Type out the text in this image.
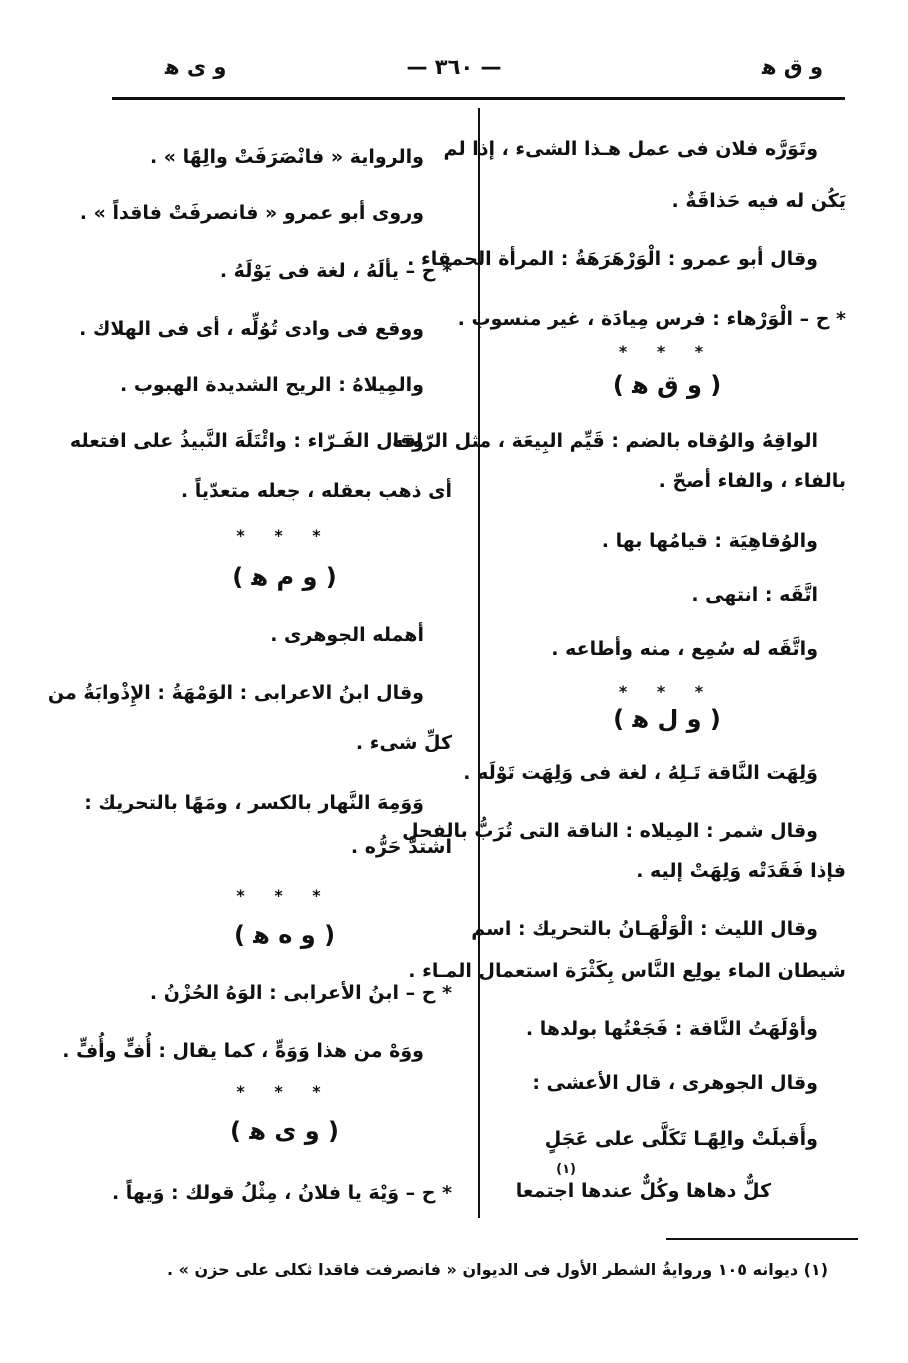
و ق ﻫ
— ٣٦٠ —
و ى ﻫ
وتَوَرَّه فلان فى عمل هـذا الشىء ، إذا لم
يَكُن له فيه حَذاقَةٌ .
وقال أبو عمرو : الْوَرْهَرَهَةُ : المرأة الحمقاء .
* ح – الْوَرْهاء : فرس مِيادَة ، غير منسوب .
* * *
( و ق ﻫ )
الواقِهُ والوُقاه بالضم : قَيِّم البِيعَة ، مثل الرّاقه
بالفاء ، والفاء أصحّ .
والوُقاهِيَة : قيامُها بها .
اتَّقَه : انتهى .
واتَّقَه له سُمِع ، منه وأطاعه .
* * *
( و ل ﻫ )
وَلِهَت النَّاقة تَـلِهُ ، لغة فى وَلِهَت تَوْلَه .
وقال شمر : المِيلاه : الناقة التى تُرَبُّ بالفحل
فإذا فَقَدَتْه وَلِهَتْ إليه .
وقال الليث : الْوَلْهَـانُ بالتحريك : اسم
شيطان الماء يولِع النَّاس بِكَثْرَة استعمال المـاء .
وأوْلَهَتُ النَّاقة : فَجَعْتُها بولدها .
وقال الجوهرى ، قال الأعشى :
وأَقبلَتْ والِهًـا تَكَلَّى على عَجَلٍ
(١)
كلٌّ دهاها وكُلٌّ عندها اجتمعا
والرواية « فانْصَرَفَتْ والِهًا » .
وروى أبو عمرو « فانصرفَتْ فاقداً » .
* ح – يألَهُ ، لغة فى يَوْلَهُ .
ووقع فى وادى تُوُلِّه ، أى فى الهلاك .
والمِيلاهُ : الريح الشديدة الهبوب .
وقال الفَـرّاء : وائْتَلَهَ النَّبيذُ على افتعله
أى ذهب بعقله ، جعله متعدّياً .
* * *
( و م ﻫ )
أهمله الجوهرى .
وقال ابنُ الاعرابى : الوَمْهَةُ : الإِذْوابَةُ من
كلِّ شىء .
وَوَمِهَ النَّهار بالكسر ، ومَهًا بالتحريك :
اشتدَّ حَرُّه .
* * *
( و ه ﻫ )
* ح – ابنُ الأعرابى : الوَهُ الحُزْنُ .
ووَهْ من هذا وَوَهٍّ ، كما يقال : أُفٍّ وأُفٍّ .
* * *
( و ى ﻫ )
* ح – وَيْهَ يا فلانُ ، مِثْلُ قولك : وَيهاً .
(١) ديوانه ١٠٥ وروايةُ الشطر الأول فى الديوان « فانصرفت فاقدا ثكلى على حزن » .
